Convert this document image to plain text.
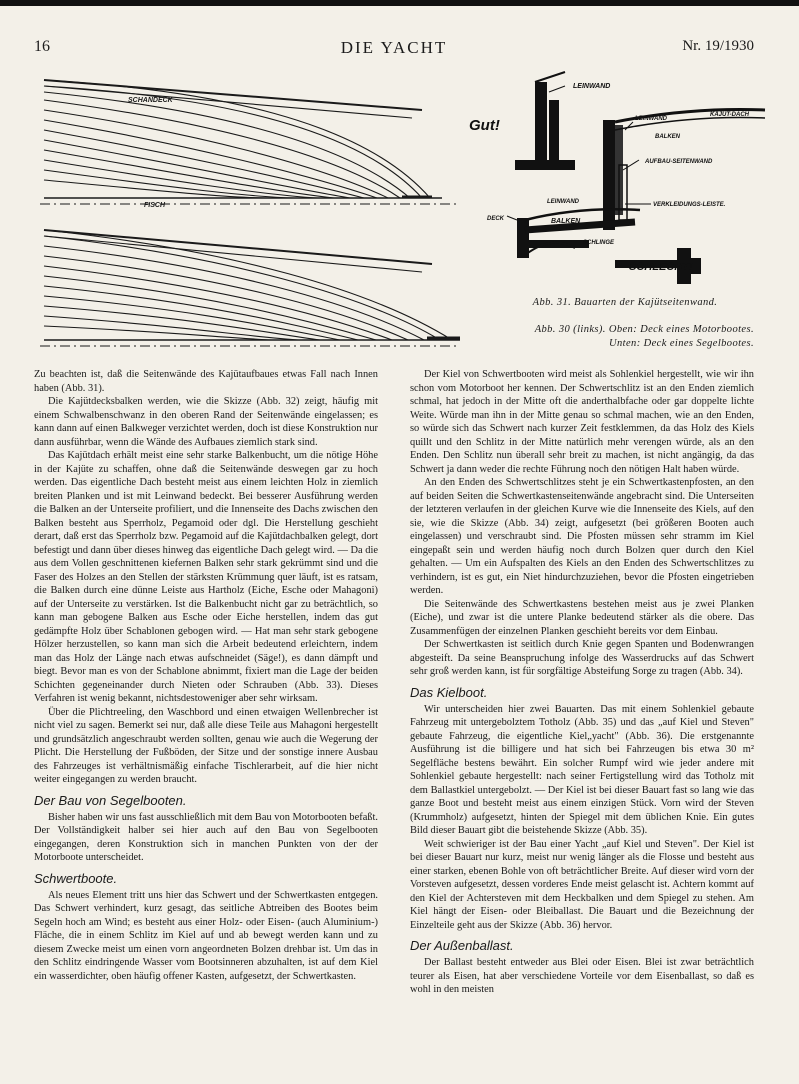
DIE YACHT
16	Nr. 19/1930
SCHANDECK
FISCH
Gut!
SCHLECHT!
LEINWAND
LEINWAND
KAJÜT-DACH
BALKEN
AUFBAU-SEITENWAND
LEINWAND	VERKLEIDUNGS-LEISTE.
DECK	BALKEN
SCHLINGE
Abb. 31. Bauarten der Kajütseitenwand.
Abb. 30 (links). Oben: Deck eines Motorbootes.
Unten: Deck eines Segelbootes.

Zu beachten ist, daß die Seitenwände des Kajütaufbaues etwas Fall nach Innen haben (Abb. 31).

Die Kajütdecksbalken werden, wie die Skizze (Abb. 32) zeigt, häufig mit einem Schwalbenschwanz in den oberen Rand der Seitenwände eingelassen; es kann dann auf einen Balkweger verzichtet werden, doch ist diese Konstruktion nur dann ausführbar, wenn die Wände des Aufbaues ziemlich stark sind.

Das Kajütdach erhält meist eine sehr starke Balkenbucht, um die nötige Höhe in der Kajüte zu schaffen, ohne daß die Seitenwände deswegen gar zu hoch werden. Das eigentliche Dach besteht meist aus einem leichten Holz in ziemlich breiten Planken und ist mit Leinwand bedeckt. Bei besserer Ausführung werden die Balken an der Unterseite profiliert, und die Innenseite des Dachs zwischen den Balken besteht aus Sperrholz, Pegamoid oder dgl. Die Herstellung geschieht derart, daß erst das Sperrholz bzw. Pegamoid auf die Kajütdachbalken gelegt, dort befestigt und dann über dieses hinweg das eigentliche Dach gelegt wird. — Da die aus dem Vollen geschnittenen kiefernen Balken sehr stark gekrümmt sind und die Faser des Holzes an den Stellen der stärksten Krümmung quer läuft, ist es ratsam, die Balken durch eine dünne Leiste aus Hartholz (Eiche, Esche oder Mahagoni) auf der Unterseite zu verstärken. Ist die Balkenbucht nicht gar zu beträchtlich, so kann man gebogene Balken aus Esche oder Eiche herstellen, indem das gut gedämpfte Holz über Schablonen gebogen wird. — Hat man sehr stark gebogene Hölzer herzustellen, so kann man sich die Arbeit bedeutend erleichtern, indem man das Holz der Länge nach etwas aufschneidet (Säge!), es dann dämpft und biegt. Bevor man es von der Schablone abnimmt, fixiert man die Lage der beiden Schichten gegeneinander durch Nieten oder Schrauben (Abb. 33). Dieses Verfahren ist wenig bekannt, nichtsdestoweniger aber sehr wirksam.

Über die Plichtreeling, den Waschbord und einen etwaigen Wellenbrecher ist nicht viel zu sagen. Bemerkt sei nur, daß alle diese Teile aus Mahagoni hergestellt und grundsätzlich angeschraubt werden sollten, genau wie auch die Wegerung der Plicht. Die Herstellung der Fußböden, der Sitze und der sonstige innere Ausbau des Fahrzeuges ist verhältnismäßig einfache Tischlerarbeit, auf die hier nicht weiter eingegangen zu werden braucht.

Der Bau von Segelbooten.

Bisher haben wir uns fast ausschließlich mit dem Bau von Motorbooten befaßt. Der Vollständigkeit halber sei hier auch auf den Bau von Segelbooten eingegangen, deren Konstruktion sich in manchen Punkten von der der Motorboote unterscheidet.

Schwertboote.

Als neues Element tritt uns hier das Schwert und der Schwertkasten entgegen. Das Schwert verhindert, kurz gesagt, das seitliche Abtreiben des Bootes beim Segeln hoch am Wind; es besteht aus einer Holz- oder Eisen- (auch Aluminium-) Fläche, die in einem Schlitz im Kiel auf und ab bewegt werden kann und zu diesem Zwecke meist um einen vorn angeordneten Bolzen drehbar ist. Um das in den Schlitz eindringende Wasser vom Bootsinneren abzuhalten, ist auf dem Kiel ein wasserdichter, oben häufig offener Kasten, aufgesetzt, der Schwertkasten.

Der Kiel von Schwertbooten wird meist als Sohlenkiel hergestellt, wie wir ihn schon vom Motorboot her kennen. Der Schwertschlitz ist an den Enden ziemlich schmal, hat jedoch in der Mitte oft die anderthalbfache oder gar doppelte lichte Weite. Würde man ihn in der Mitte genau so schmal machen, wie an den Enden, so würde sich das Schwert nach kurzer Zeit festklemmen, da das Holz des Kiels quillt und den Schlitz in der Mitte natürlich mehr verengen würde, als an den Enden. Den Schlitz nun überall sehr breit zu machen, ist nicht angängig, da das Schwert ja dann weder die rechte Führung noch den nötigen Halt haben würde.

An den Enden des Schwertschlitzes steht je ein Schwertkastenpfosten, an den auf beiden Seiten die Schwertkastenseitenwände angebracht sind. Die Unterseiten der letzteren verlaufen in der gleichen Kurve wie die Innenseite des Kiels, auf den sie, wie die Skizze (Abb. 34) zeigt, aufgesetzt (bei größeren Booten auch eingelassen) und verschraubt sind. Die Pfosten müssen sehr stramm im Kiel eingepaßt sein und werden häufig noch durch Bolzen quer durch den Kiel gehalten. — Um ein Aufspalten des Kiels an den Enden des Schwertschlitzes zu verhindern, ist es gut, ein Niet hindurchzuziehen, bevor die Pfosten eingetrieben werden.

Die Seitenwände des Schwertkastens bestehen meist aus je zwei Planken (Eiche), und zwar ist die untere Planke bedeutend stärker als die obere. Das Zusammenfügen der einzelnen Planken geschieht bereits vor dem Einbau.

Der Schwertkasten ist seitlich durch Knie gegen Spanten und Bodenwrangen abgesteift. Da seine Beanspruchung infolge des Wasserdrucks auf das Schwert sehr groß werden kann, ist für sorgfältige Absteifung Sorge zu tragen (Abb. 34).

Das Kielboot.

Wir unterscheiden hier zwei Bauarten. Das mit einem Sohlenkiel gebaute Fahrzeug mit untergebolztem Totholz (Abb. 35) und das „auf Kiel und Steven" gebaute Fahrzeug, die eigentliche Kiel„yacht" (Abb. 36). Die erstgenannte Ausführung ist die billigere und hat sich bei Fahrzeugen bis etwa 30 m² Segelfläche bestens bewährt. Ein solcher Rumpf wird wie jeder andere mit Sohlenkiel gebaute hergestellt: nach seiner Fertigstellung wird das Totholz mit dem Ballastkiel untergebolzt. — Der Kiel ist bei dieser Bauart fast so lang wie das ganze Boot und besteht meist aus einem einzigen Stück. Vorn wird der Steven (Krummholz) aufgesetzt, hinten der Spiegel mit dem üblichen Knie. Ein gutes Bild dieser Bauart gibt die beistehende Skizze (Abb. 35).

Weit schwieriger ist der Bau einer Yacht „auf Kiel und Steven". Der Kiel ist bei dieser Bauart nur kurz, meist nur wenig länger als die Flosse und besteht aus einer starken, ebenen Bohle von oft beträchtlicher Breite. Auf dieser wird vorn der Vorsteven aufgesetzt, dessen vorderes Ende meist gelascht ist. Achtern kommt auf den Kiel der Achtersteven mit dem Heckbalken und dem Spiegel zu stehen. Am Kiel hängt der Eisen- oder Bleiballast. Die Bauart und die Bezeichnung der Einzelteile geht aus der Skizze (Abb. 36) hervor.

Der Außenballast.

Der Ballast besteht entweder aus Blei oder Eisen. Blei ist zwar beträchtlich teurer als Eisen, hat aber verschiedene Vorteile vor dem Eisenballast, so daß es wohl in den meisten
